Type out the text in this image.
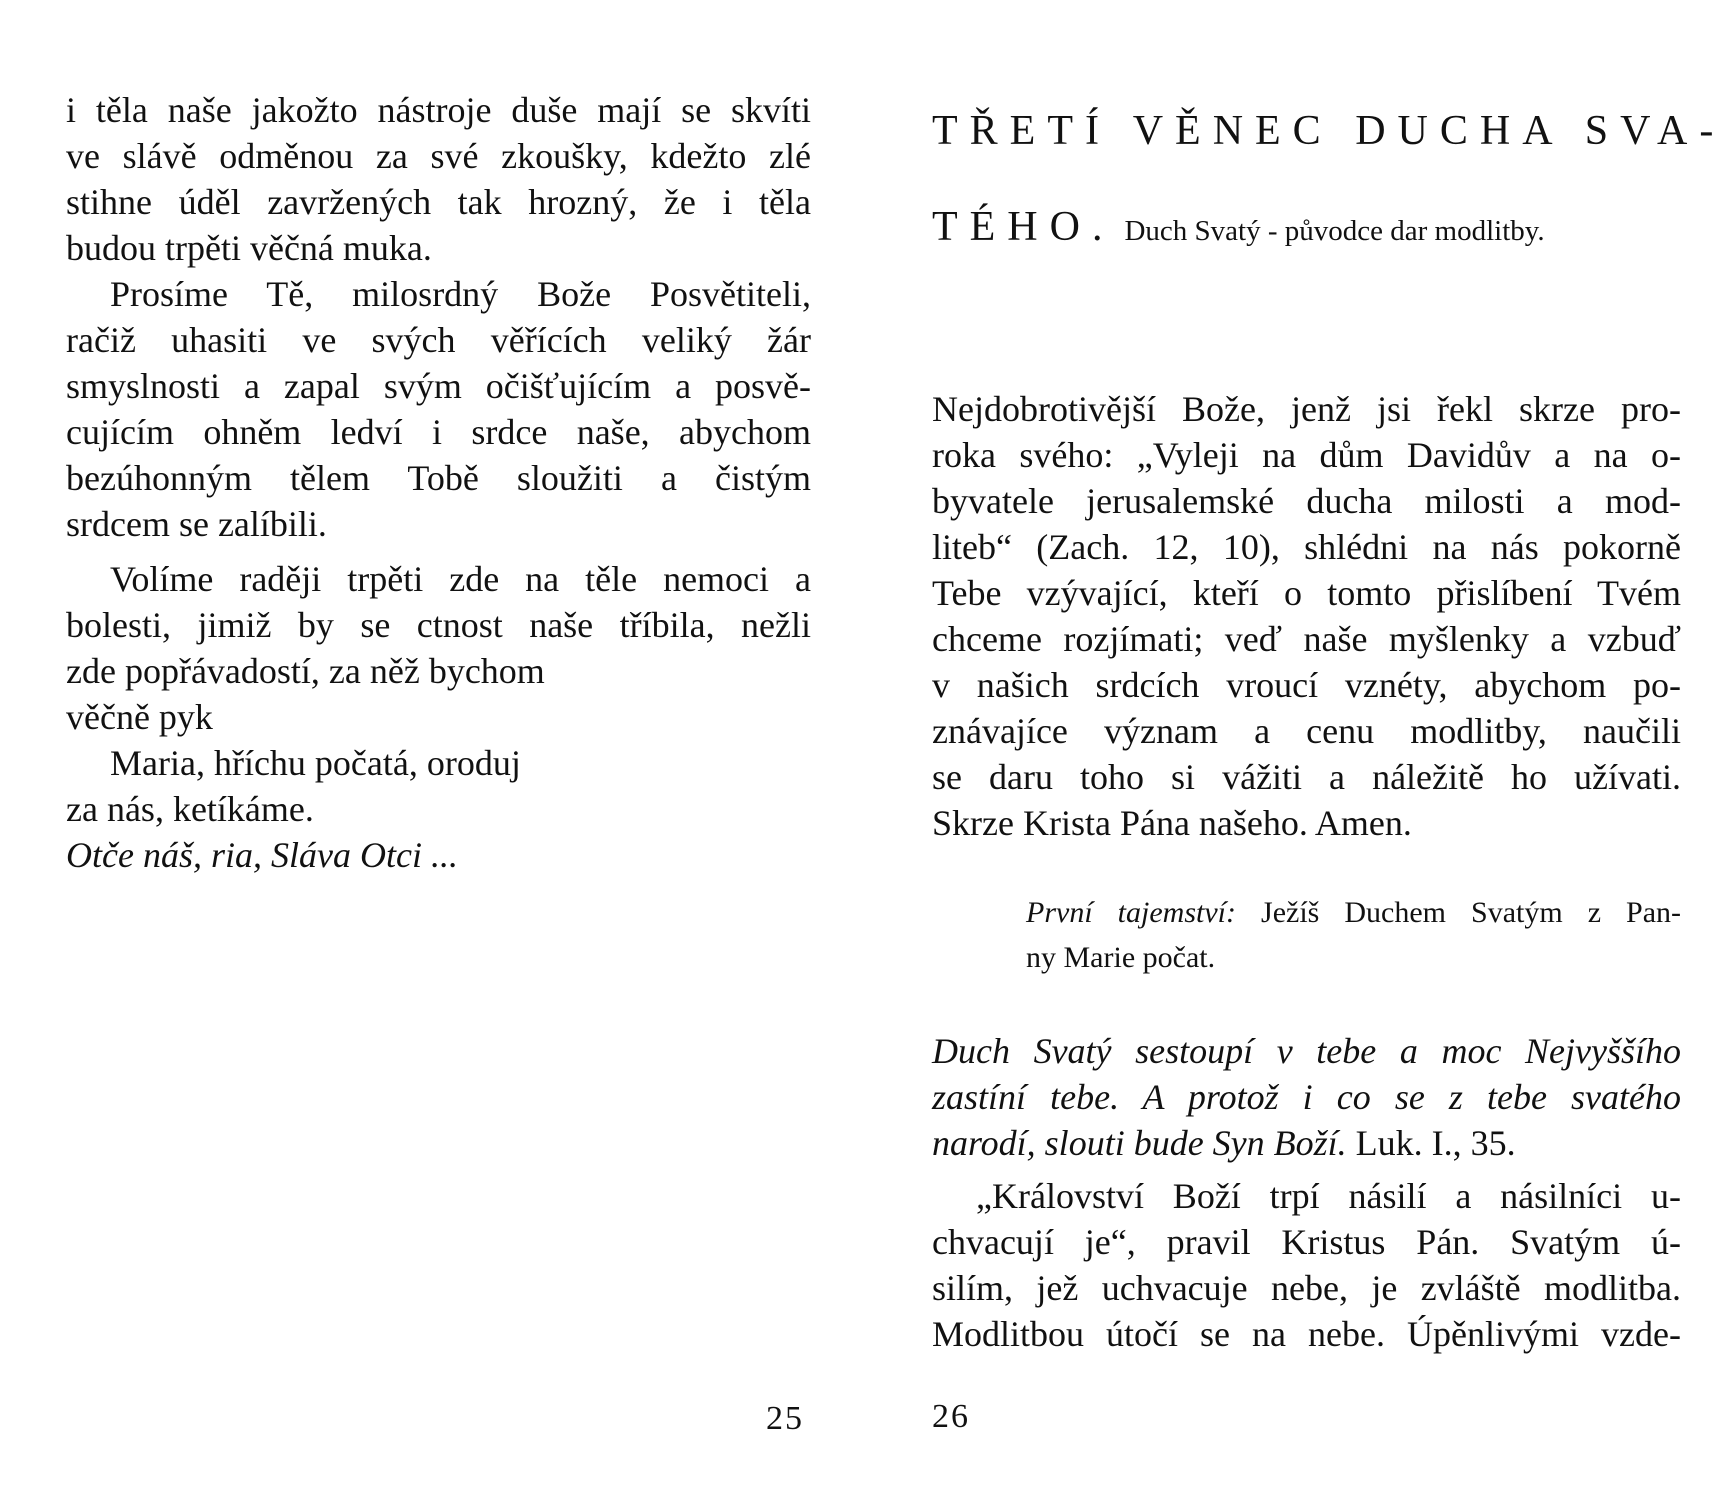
i těla naše jakožto nástroje duše mají se skvíti
ve slávě odměnou za své zkoušky, kdežto zlé
stihne úděl zavržených tak hrozný, že i těla
budou trpěti věčná muka.
Prosíme Tě, milosrdný Bože Posvětiteli,
račiž uhasiti ve svých věřících veliký žár
smyslnosti a zapal svým očišťujícím a posvě-
cujícím ohněm ledví i srdce naše, abychom
bezúhonným tělem Tobě sloužiti a čistým
srdcem se zalíbili.
Volíme raději trpěti zde na těle nemoci a
bolesti, jimiž by se ctnost naše tříbila, nežli
zde popřávadostí, za něž bychom
věčně pyk
Maria, hříchu počatá, oroduj
za nás, ketíkáme.
Otče náš, ria, Sláva Otci ...
25
TŘETÍ VĚNEC DUCHA SVA-
TÉHO. Duch Svatý - původce dar modlitby.
Nejdobrotivější Bože, jenž jsi řekl skrze pro-
roka svého: „Vyleji na dům Davidův a na o-
byvatele jerusalemské ducha milosti a mod-
liteb“ (Zach. 12, 10), shlédni na nás pokorně
Tebe vzývající, kteří o tomto přislíbení Tvém
chceme rozjímati; veď naše myšlenky a vzbuď
v našich srdcích vroucí vznéty, abychom po-
znávajíce význam a cenu modlitby, naučili
se daru toho si vážiti a náležitě ho užívati.
Skrze Krista Pána našeho. Amen.
První tajemství: Ježíš Duchem Svatým z Pan-
ny Marie počat.
Duch Svatý sestoupí v tebe a moc Nejvyššího
zastíní tebe. A protož i co se z tebe svatého
narodí, slouti bude Syn Boží. Luk. I., 35.
„Království Boží trpí násilí a násilníci u-
chvacují je“, pravil Kristus Pán. Svatým ú-
silím, jež uchvacuje nebe, je zvláště modlitba.
Modlitbou útočí se na nebe. Úpěnlivými vzde-
26
